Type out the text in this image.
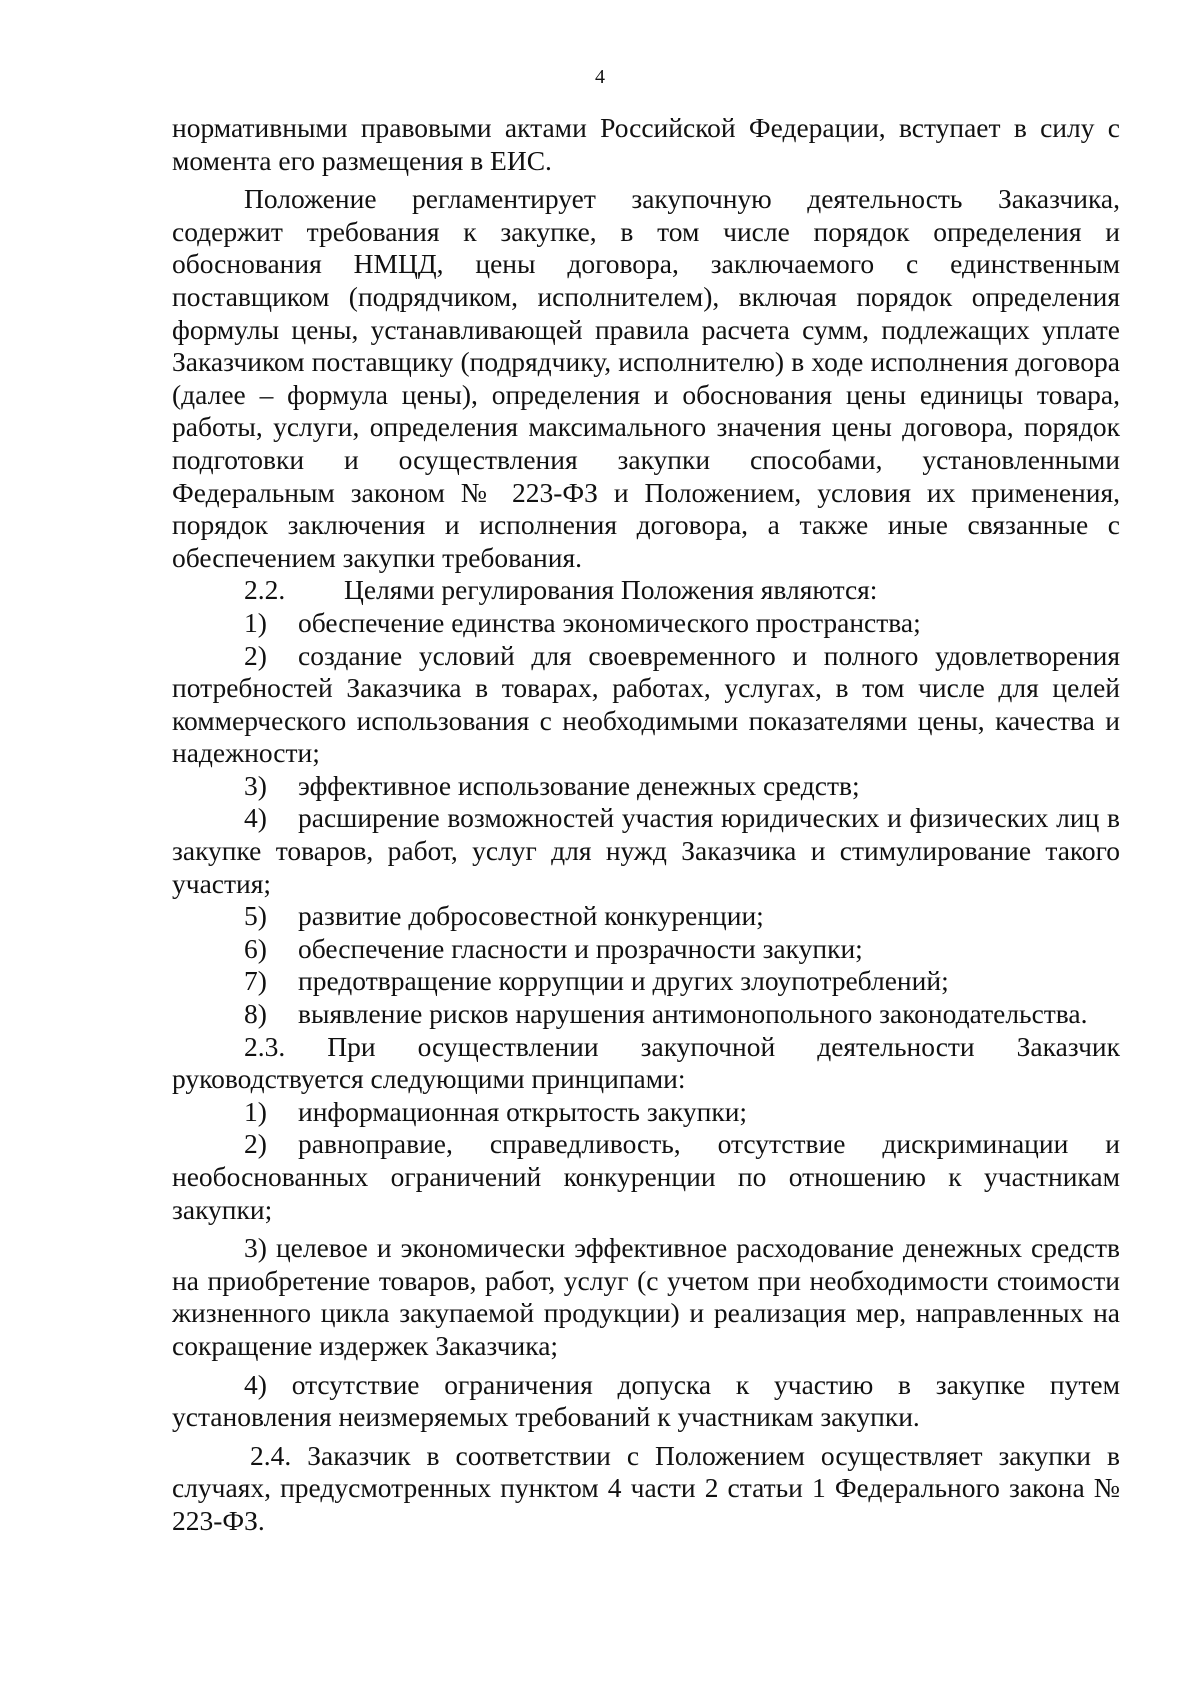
4

нормативными правовыми актами Российской Федерации, вступает в силу с момента его размещения в ЕИС.

Положение регламентирует закупочную деятельность Заказчика, содержит требования к закупке, в том числе порядок определения и обоснования НМЦД, цены договора, заключаемого с единственным поставщиком (подрядчиком, исполнителем), включая порядок определения формулы цены, устанавливающей правила расчета сумм, подлежащих уплате Заказчиком поставщику (подрядчику, исполнителю) в ходе исполнения договора (далее – формула цены), определения и обоснования цены единицы товара, работы, услуги, определения максимального значения цены договора, порядок подготовки и осуществления закупки способами, установленными Федеральным законом № 223-ФЗ и Положением, условия их применения, порядок заключения и исполнения договора, а также иные связанные с обеспечением закупки требования.

2.2. Целями регулирования Положения являются:

1) обеспечение единства экономического пространства;

2) создание условий для своевременного и полного удовлетворения потребностей Заказчика в товарах, работах, услугах, в том числе для целей коммерческого использования с необходимыми показателями цены, качества и надежности;

3) эффективное использование денежных средств;

4) расширение возможностей участия юридических и физических лиц в закупке товаров, работ, услуг для нужд Заказчика и стимулирование такого участия;

5) развитие добросовестной конкуренции;

6) обеспечение гласности и прозрачности закупки;

7) предотвращение коррупции и других злоупотреблений;

8) выявление рисков нарушения антимонопольного законодательства.

2.3. При осуществлении закупочной деятельности Заказчик руководствуется следующими принципами:

1) информационная открытость закупки;

2) равноправие, справедливость, отсутствие дискриминации и необоснованных ограничений конкуренции по отношению к участникам закупки;

3) целевое и экономически эффективное расходование денежных средств на приобретение товаров, работ, услуг (с учетом при необходимости стоимости жизненного цикла закупаемой продукции) и реализация мер, направленных на сокращение издержек Заказчика;

4) отсутствие ограничения допуска к участию в закупке путем установления неизмеряемых требований к участникам закупки.

2.4. Заказчик в соответствии с Положением осуществляет закупки в случаях, предусмотренных пунктом 4 части 2 статьи 1 Федерального закона № 223-ФЗ.
